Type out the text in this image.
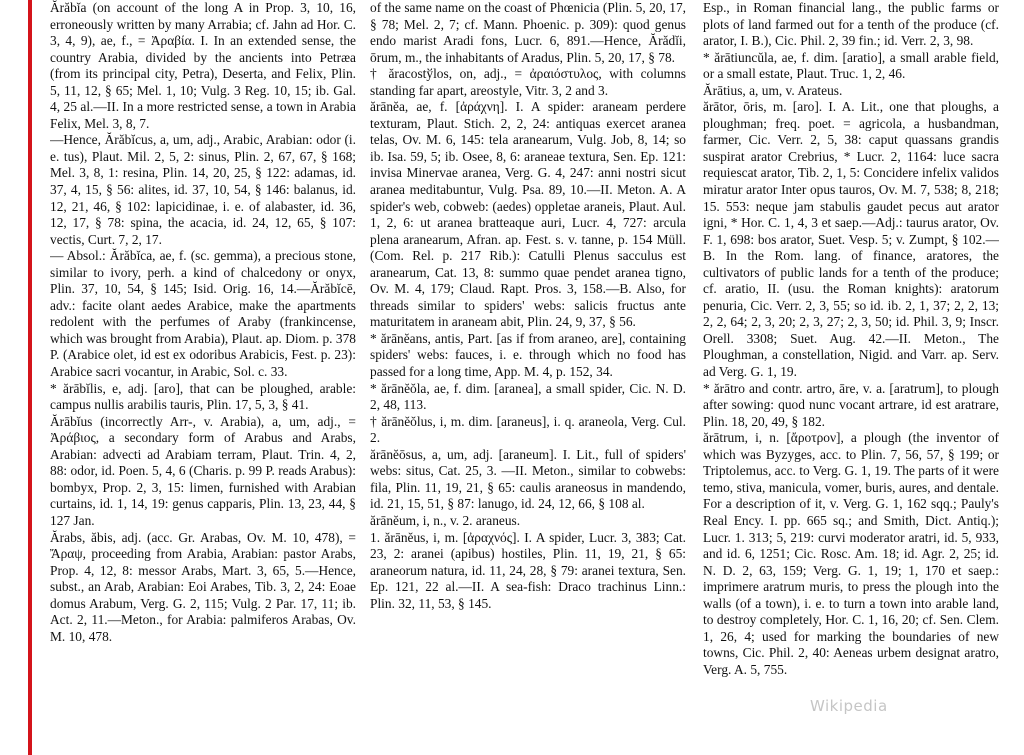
Ărăbĭa (on account of the long A in Prop. 3, 10, 16, erroneously written by many Arrabia; cf. Jahn ad Hor. C. 3, 4, 9), ae, f., = Ἀραβία. I. In an extended sense, the country Arabia, divided by the ancients into Petræa (from its principal city, Petra), Deserta, and Felix, Plin. 5, 11, 12, § 65; Mel. 1, 10; Vulg. 3 Reg. 10, 15; ib. Gal. 4, 25 al.—II. In a more restricted sense, a town in Arabia Felix, Mel. 3, 8, 7.

—Hence, Ărăbĭcus, a, um, adj., Arabic, Arabian: odor (i. e. tus), Plaut. Mil. 2, 5, 2: sinus, Plin. 2, 67, 67, § 168; Mel. 3, 8, 1: resina, Plin. 14, 20, 25, § 122: adamas, id. 37, 4, 15, § 56: alites, id. 37, 10, 54, § 146: balanus, id. 12, 21, 46, § 102: lapicidinae, i. e. of alabaster, id. 36, 12, 17, § 78: spina, the acacia, id. 24, 12, 65, § 107: vectis, Curt. 7, 2, 17.

— Absol.: Ărăbĭca, ae, f. (sc. gemma), a precious stone, similar to ivory, perh. a kind of chalcedony or onyx, Plin. 37, 10, 54, § 145; Isid. Orig. 16, 14.—Ărăbĭcē, adv.: facite olant aedes Arabice, make the apartments redolent with the perfumes of Araby (frankincense, which was brought from Arabia), Plaut. ap. Diom. p. 378 P. (Arabice olet, id est ex odoribus Arabicis, Fest. p. 23): Arabice sacri vocantur, in Arabic, Sol. c. 33.

* ărābĭlis, e, adj. [aro], that can be ploughed, arable: campus nullis arabilis tauris, Plin. 17, 5, 3, § 41.

Ărābĭus (incorrectly Arr-, v. Arabia), a, um, adj., = Ἀράβιος, a secondary form of Arabus and Arabs, Arabian: advecti ad Arabiam terram, Plaut. Trin. 4, 2, 88: odor, id. Poen. 5, 4, 6 (Charis. p. 99 P. reads Arabus): bombyx, Prop. 2, 3, 15: limen, furnished with Arabian curtains, id. 1, 14, 19: genus capparis, Plin. 13, 23, 44, § 127 Jan.

Ărabs, ăbis, adj. (acc. Gr. Arabas, Ov. M. 10, 478), = Ἄραψ, proceeding from Arabia, Arabian: pastor Arabs, Prop. 4, 12, 8: messor Arabs, Mart. 3, 65, 5.—Hence, subst., an Arab, Arabian: Eoi Arabes, Tib. 3, 2, 24: Eoae domus Arabum, Verg. G. 2, 115; Vulg. 2 Par. 17, 11; ib. Act. 2, 11.—Meton., for Arabia: palmiferos Arabas, Ov. M. 10, 478.

of the same name on the coast of Phœnicia (Plin. 5, 20, 17, § 78; Mel. 2, 7; cf. Mann. Phoenic. p. 309): quod genus endo marist Aradi fons, Lucr. 6, 891.—Hence, Ărădĭi, ōrum, m., the inhabitants of Aradus, Plin. 5, 20, 17, § 78.

† ăracostўlos, on, adj., = ἀραιόστυλος, with columns standing far apart, areostyle, Vitr. 3, 2 and 3.

ărānĕa, ae, f. [ἀράχνη]. I. A spider: araneam perdere texturam, Plaut. Stich. 2, 2, 24: antiquas exercet aranea telas, Ov. M. 6, 145: tela aranearum, Vulg. Job, 8, 14; so ib. Isa. 59, 5; ib. Osee, 8, 6: araneae textura, Sen. Ep. 121: invisa Minervae aranea, Verg. G. 4, 247: anni nostri sicut aranea meditabuntur, Vulg. Psa. 89, 10.—II. Meton. A. A spider's web, cobweb: (aedes) oppletae araneis, Plaut. Aul. 1, 2, 6: ut aranea bratteaque auri, Lucr. 4, 727: arcula plena aranearum, Afran. ap. Fest. s. v. tanne, p. 154 Müll. (Com. Rel. p. 217 Rib.): Catulli Plenus sacculus est aranearum, Cat. 13, 8: summo quae pendet aranea tigno, Ov. M. 4, 179; Claud. Rapt. Pros. 3, 158.—B. Also, for threads similar to spiders' webs: salicis fructus ante maturitatem in araneam abit, Plin. 24, 9, 37, § 56.

* ărānĕans, antis, Part. [as if from araneo, are], containing spiders' webs: fauces, i. e. through which no food has passed for a long time, App. M. 4, p. 152, 34.

* ărānĕŏla, ae, f. dim. [aranea], a small spider, Cic. N. D. 2, 48, 113.

† ărānĕŏlus, i, m. dim. [araneus], i. q. araneola, Verg. Cul. 2.

ărānĕōsus, a, um, adj. [araneum]. I. Lit., full of spiders' webs: situs, Cat. 25, 3. —II. Meton., similar to cobwebs: fila, Plin. 11, 19, 21, § 65: caulis araneosus in mandendo, id. 21, 15, 51, § 87: lanugo, id. 24, 12, 66, § 108 al.

ărānĕum, i, n., v. 2. araneus.

1. ărānĕus, i, m. [ἀραχνός]. I. A spider, Lucr. 3, 383; Cat. 23, 2: aranei (apibus) hostiles, Plin. 11, 19, 21, § 65: araneorum natura, id. 11, 24, 28, § 79: aranei textura, Sen. Ep. 121, 22 al.—II. A sea-fish: Draco trachinus Linn.: Plin. 32, 11, 53, § 145.

Esp., in Roman financial lang., the public farms or plots of land farmed out for a tenth of the produce (cf. arator, I. B.), Cic. Phil. 2, 39 fin.; id. Verr. 2, 3, 98.

* ărātiuncŭla, ae, f. dim. [aratio], a small arable field, or a small estate, Plaut. Truc. 1, 2, 46.

Ărātius, a, um, v. Arateus.

ărātor, ōris, m. [aro]. I. A. Lit., one that ploughs, a ploughman; freq. poet. = agricola, a husbandman, farmer, Cic. Verr. 2, 5, 38: caput quassans grandis suspirat arator Crebrius, * Lucr. 2, 1164: luce sacra requiescat arator, Tib. 2, 1, 5: Concidere infelix validos miratur arator Inter opus tauros, Ov. M. 7, 538; 8, 218; 15. 553: neque jam stabulis gaudet pecus aut arator igni, * Hor. C. 1, 4, 3 et saep.—Adj.: taurus arator, Ov. F. 1, 698: bos arator, Suet. Vesp. 5; v. Zumpt, § 102.—B. In the Rom. lang. of finance, aratores, the cultivators of public lands for a tenth of the produce; cf. aratio, II. (usu. the Roman knights): aratorum penuria, Cic. Verr. 2, 3, 55; so id. ib. 2, 1, 37; 2, 2, 13; 2, 2, 64; 2, 3, 20; 2, 3, 27; 2, 3, 50; id. Phil. 3, 9; Inscr. Orell. 3308; Suet. Aug. 42.—II. Meton., The Ploughman, a constellation, Nigid. and Varr. ap. Serv. ad Verg. G. 1, 19.

* ărātro and contr. artro, āre, v. a. [aratrum], to plough after sowing: quod nunc vocant artrare, id est aratrare, Plin. 18, 20, 49, § 182.

ărātrum, i, n. [ἄροτρον], a plough (the inventor of which was Byzyges, acc. to Plin. 7, 56, 57, § 199; or Triptolemus, acc. to Verg. G. 1, 19. The parts of it were temo, stiva, manicula, vomer, buris, aures, and dentale. For a description of it, v. Verg. G. 1, 162 sqq.; Pauly's Real Ency. I. pp. 665 sq.; and Smith, Dict. Antiq.); Lucr. 1. 313; 5, 219: curvi moderator aratri, id. 5, 933, and id. 6, 1251; Cic. Rosc. Am. 18; id. Agr. 2, 25; id. N. D. 2, 63, 159; Verg. G. 1, 19; 1, 170 et saep.: imprimere aratrum muris, to press the plough into the walls (of a town), i. e. to turn a town into arable land, to destroy completely, Hor. C. 1, 16, 20; cf. Sen. Clem. 1, 26, 4; used for marking the boundaries of new towns, Cic. Phil. 2, 40: Aeneas urbem designat aratro, Verg. A. 5, 755.

Wikipedia
